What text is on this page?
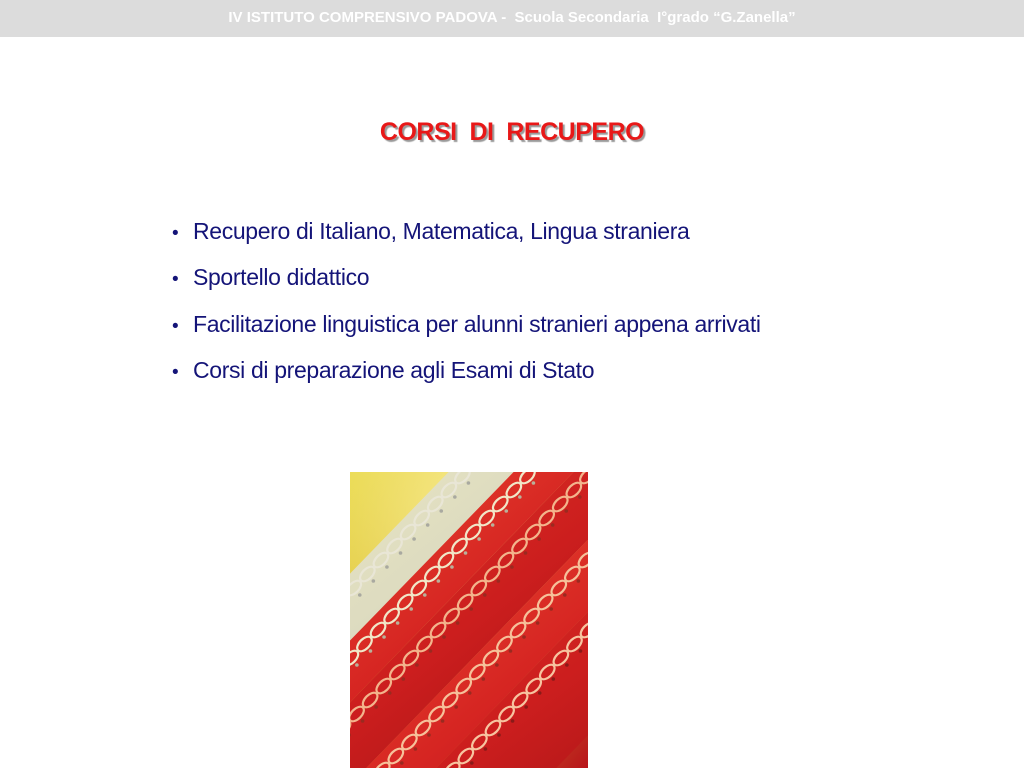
IV ISTITUTO COMPRENSIVO PADOVA -  Scuola Secondaria  I°grado “G.Zanella”
CORSI  DI  RECUPERO
• Recupero di Italiano, Matematica, Lingua straniera
• Sportello didattico
• Facilitazione linguistica per alunni stranieri appena arrivati
• Corsi di preparazione agli Esami di Stato
